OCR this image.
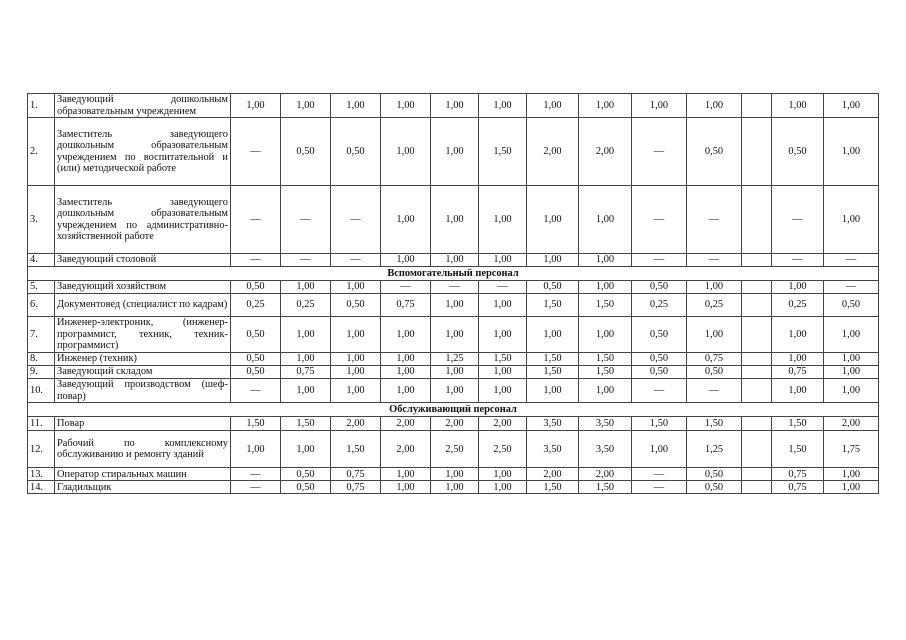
1.	Заведующий дошкольным образовательным учреждением	1,00	1,00	1,00	1,00	1,00	1,00	1,00	1,00	1,00	1,00		1,00	1,00	
2.	Заместитель заведующего дошкольным образовательным учреждением по воспитательной и (или) методической работе	—	0,50	0,50	1,00	1,00	1,50	2,00	2,00	—	0,50		0,50	1,00	
3.	Заместитель заведующего дошкольным образовательным учреждением по административно-хозяйственной работе	—	—	—	1,00	1,00	1,00	1,00	1,00	—	—		—	1,00	
4.	Заведующий столовой	—	—	—	1,00	1,00	1,00	1,00	1,00	—	—		—	—	
Вспомогательный персонал															
5.	Заведующий хозяйством	0,50	1,00	1,00	—	—	—	0,50	1,00	0,50	1,00		1,00	—	
6.	Документовед (специалист по кадрам)	0,25	0,25	0,50	0,75	1,00	1,00	1,50	1,50	0,25	0,25		0,25	0,50	
7.	Инженер-электроник, (инженер-программист, техник, техник-программист)	0,50	1,00	1,00	1,00	1,00	1,00	1,00	1,00	0,50	1,00		1,00	1,00	
8.	Инженер (техник)	0,50	1,00	1,00	1,00	1,25	1,50	1,50	1,50	0,50	0,75		1,00	1,00	
9.	Заведующий складом	0,50	0,75	1,00	1,00	1,00	1,00	1,50	1,50	0,50	0,50		0,75	1,00	
10.	Заведующий производством (шеф-повар)	—	1,00	1,00	1,00	1,00	1,00	1,00	1,00	—	—		1,00	1,00	
Обслуживающий персонал															
11.	Повар	1,50	1,50	2,00	2,00	2,00	2,00	3,50	3,50	1,50	1,50		1,50	2,00	
12.	Рабочий по комплексному обслуживанию и ремонту зданий	1,00	1,00	1,50	2,00	2,50	2,50	3,50	3,50	1,00	1,25		1,50	1,75	
13.	Оператор стиральных машин	—	0,50	0,75	1,00	1,00	1,00	2,00	2,00	—	0,50		0,75	1,00	
14.	Гладильщик	—	0,50	0,75	1,00	1,00	1,00	1,50	1,50	—	0,50		0,75	1,00	
